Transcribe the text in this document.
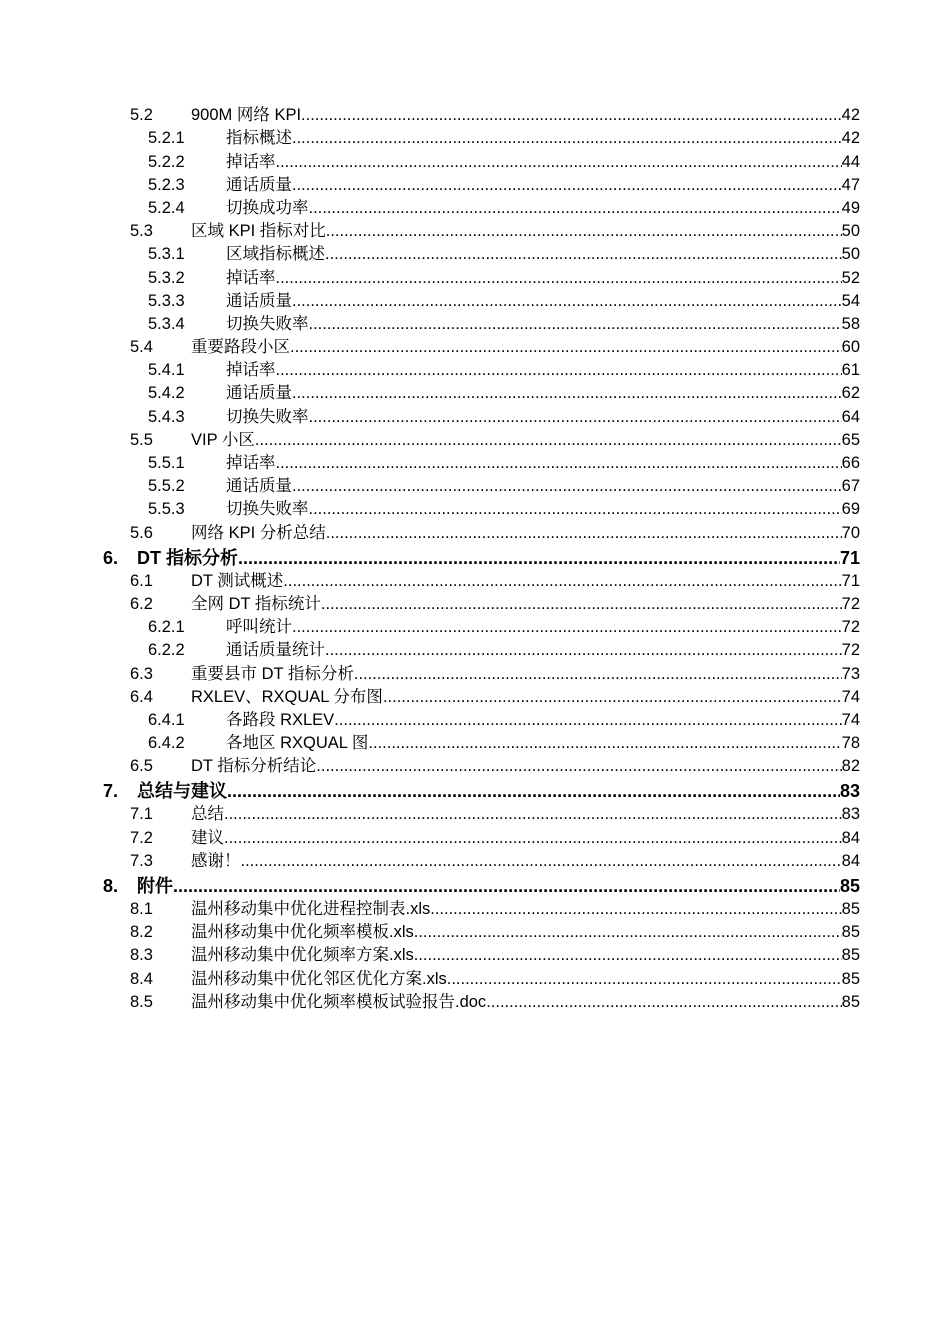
5.2 900M 网络 KPI .....	42
5.2.1	指标概述 .....	42
5.2.2	掉话率 .....	44
5.2.3	通话质量 .....	47
5.2.4	切换成功率 .....	49
5.3 区域 KPI 指标对比 .....	50
5.3.1	区域指标概述 .....	50
5.3.2	掉话率 .....	52
5.3.3	通话质量 .....	54
5.3.4	切换失败率 .....	58
5.4 重要路段小区 .....	60
5.4.1	掉话率 .....	61
5.4.2	通话质量 .....	62
5.4.3	切换失败率 .....	64
5.5 VIP 小区 .....	65
5.5.1	掉话率 .....	66
5.5.2	通话质量 .....	67
5.5.3	切换失败率 .....	69
5.6 网络 KPI 分析总结 .....	70
6. DT 指标分析 .....	71
6.1 DT 测试概述 .....	71
6.2 全网 DT 指标统计 .....	72
6.2.1	呼叫统计 .....	72
6.2.2	通话质量统计 .....	72
6.3 重要县市 DT 指标分析 .....	73
6.4 RXLEV、RXQUAL 分布图 .....	74
6.4.1	各路段 RXLEV .....	74
6.4.2	各地区 RXQUAL 图 .....	78
6.5 DT 指标分析结论 .....	82
7. 总结与建议 .....	83
7.1 总结 .....	83
7.2 建议 .....	84
7.3 感谢！ .....	84
8. 附件 .....	85
8.1 温州移动集中优化进程控制表.xls .....	85
8.2 温州移动集中优化频率模板.xls .....	85
8.3 温州移动集中优化频率方案.xls .....	85
8.4 温州移动集中优化邻区优化方案.xls .....	85
8.5 温州移动集中优化频率模板试验报告.doc .....	85
